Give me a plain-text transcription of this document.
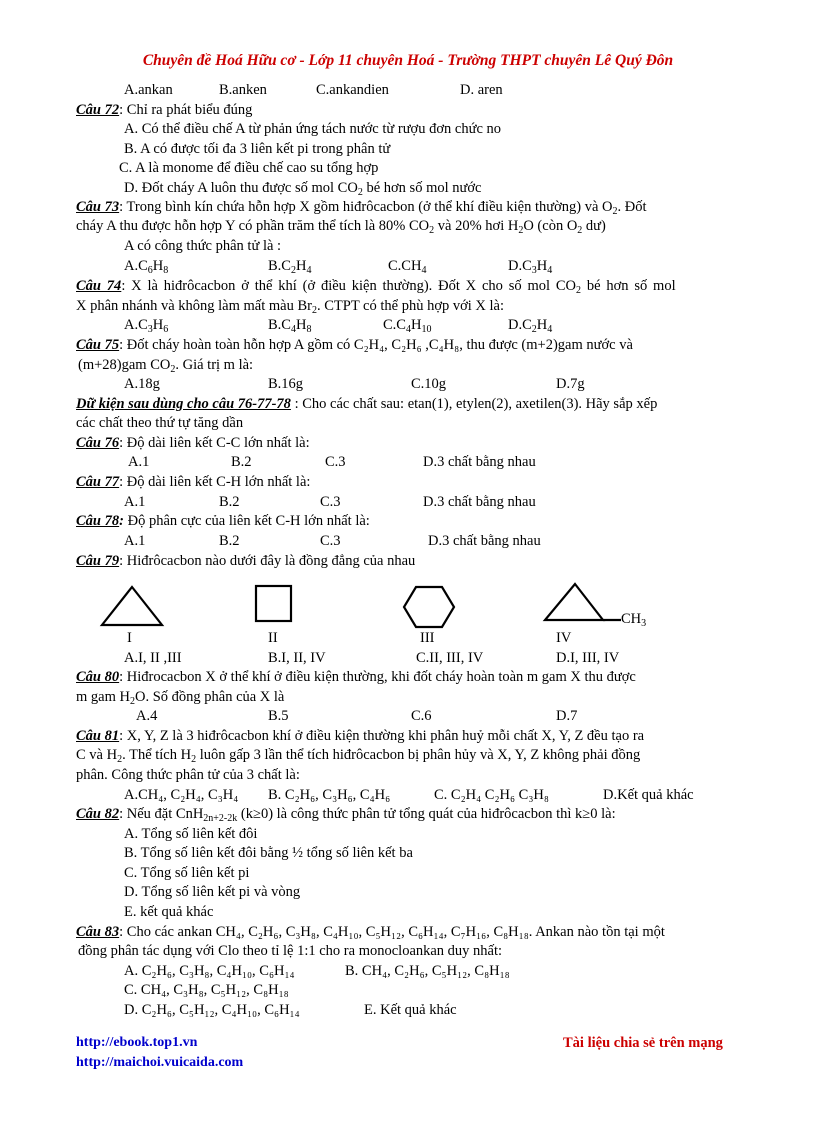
Chuyên đề Hoá Hữu cơ - Lớp 11 chuyên Hoá - Trường THPT chuyên Lê Quý Đôn
A.ankan	B.anken	C.ankandien	D. aren
Câu 72: Chỉ ra phát biểu đúng
A. Có thể điều chế A từ phản ứng tách nước từ rượu đơn chức no
B. A có được tối đa 3 liên kết pi trong phân tử
C. A là monome để điều chế cao su tổng hợp
D. Đốt cháy A luôn thu được số mol $CO_2$ bé hơn số mol nước
Câu 73: Trong bình kín chứa hỗn hợp X gồm hiđrôcacbon (ở thể khí điều kiện thường) và $O_2$. Đốt
cháy A thu được hỗn hợp Y có phần trăm thể tích là 80% $CO_2$ và 20% hơi $H_2O$ (còn $O_2$ dư)
A có công thức phân tử là :
$A.C_6H_8$	$B.C_2H_4$	$C.CH_4$	$D.C_3H_4$
Câu 74: X là hiđrôcacbon ở thể khí (ở điều kiện thường). Đốt X cho số mol $CO_2$ bé hơn số mol
X phân nhánh và không làm mất màu $Br_2$. CTPT có thể phù hợp với X là:
$A.C_3H_6$	$B.C_4H_8$	$C.C_4H_{10}$	$D.C_2H_4$
Câu 75: Đốt cháy hoàn toàn hỗn hợp A gồm có C₂H₄, C₂H₆ ,C₄H₈, thu được (m+2)gam nước và
(m+28)gam $CO_2$. Giá trị m là:
A.18g	B.16g	C.10g	D.7g
Dữ kiện sau dùng cho câu 76-77-78 : Cho các chất sau: etan(1), etylen(2), axetilen(3). Hãy sắp xếp
các chất theo thứ tự tăng dần
Câu 76: Độ dài liên kết C-C lớn nhất là:
A.1	B.2	C.3	D.3 chất bằng nhau
Câu 77: Độ dài liên kết C-H lớn nhất là:
A.1	B.2	C.3	D.3 chất bằng nhau
Câu 78: Độ phân cực của liên kết C-H lớn nhất là:
A.1	B.2	C.3	D.3 chất bằng nhau
Câu 79: Hiđrôcacbon nào dưới đây là đồng đẳng của nhau
$CH_3$
I	II	III	IV
A.I, II ,III	B.I, II, IV	C.II, III, IV	D.I, III, IV
Câu 80: Hiđrocacbon X ở thể khí ở điều kiện thường, khi đốt cháy hoàn toàn m gam X thu được
m gam $H_2O$. Số đồng phân của X là
A.4	B.5	C.6	D.7
Câu 81: X, Y, Z là 3 hiđrôcacbon khí ở điều kiện thường khi phân huỷ mỗi chất X, Y, Z đều tạo ra
C và $H_2$. Thể tích $H_2$ luôn gấp 3 lần thể tích hiđrôcacbon bị phân hủy và X, Y, Z không phải đồng
phân. Công thức phân tử của 3 chất là:
A.CH₄, C₂H₄, C₃H₄ B. C₂H₆, C₃H₆, C₄H₆	C. C₂H₄ C₂H₆ C₃H₈	D.Kết quả khác
Câu 82: Nếu đặt CnH$_{2n+2-2k}$ (k≥0) là công thức phân tử tổng quát của hiđrôcacbon thì k≥0 là:
A. Tổng số liên kết đôi
B. Tổng số liên kết đôi bằng ½ tổng số liên kết ba
C. Tổng số liên kết pi
D. Tổng số liên kết pi và vòng
E. kết quả khác
Câu 83: Cho các ankan CH₄, C₂H₆, C₃H₈, C₄H₁₀, C₅H₁₂, C₆H₁₄, C₇H₁₆, C₈H₁₈. Ankan nào tồn tại một
đồng phân tác dụng với Clo theo tỉ lệ 1:1 cho ra monocloankan duy nhất:
A. C₂H₆, C₃H₈, C₄H₁₀, C₆H₁₄	B. CH₄, C₂H₆, C₅H₁₂, C₈H₁₈
C. CH₄, C₃H₈, C₅H₁₂, C₈H₁₈
D. C₂H₆, C₅H₁₂, C₄H₁₀, C₆H₁₄	E. Kết quả khác
http://ebook.top1.vn
http://maichoi.vuicaida.com
Tài liệu chia sẻ trên mạng
